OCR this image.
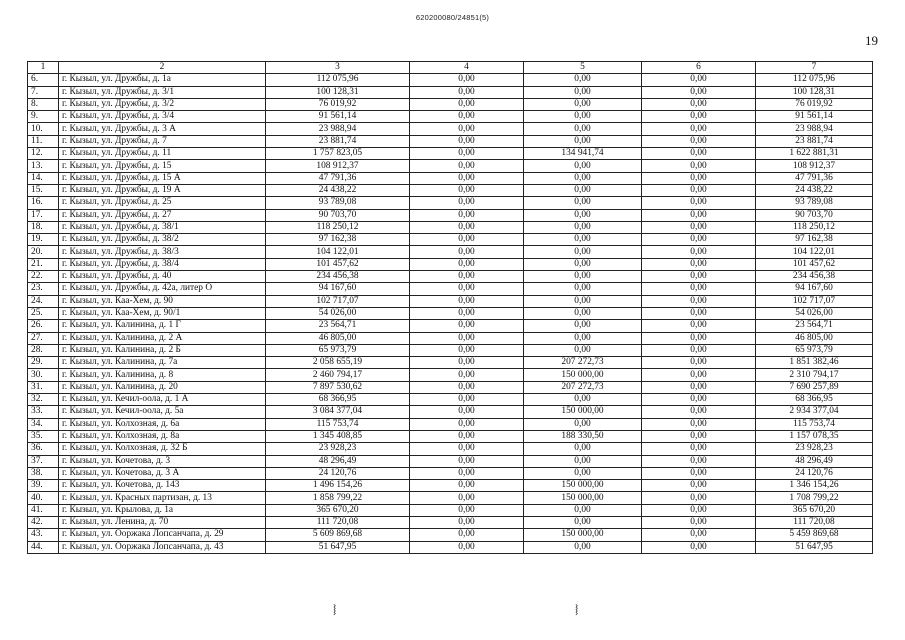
620200080/24851(5)
19
1	2	3	4	5	6	7
6.	г. Кызыл, ул. Дружбы, д. 1а	112 075,96	0,00	0,00	0,00	112 075,96
7.	г. Кызыл, ул. Дружбы, д. 3/1	100 128,31	0,00	0,00	0,00	100 128,31
8.	г. Кызыл, ул. Дружбы, д. 3/2	76 019,92	0,00	0,00	0,00	76 019,92
9.	г. Кызыл, ул. Дружбы, д. 3/4	91 561,14	0,00	0,00	0,00	91 561,14
10.	г. Кызыл, ул. Дружбы, д. 3 А	23 988,94	0,00	0,00	0,00	23 988,94
11.	г. Кызыл, ул. Дружбы, д. 7	23 881,74	0,00	0,00	0,00	23 881,74
12.	г. Кызыл, ул. Дружбы, д. 11	1 757 823,05	0,00	134 941,74	0,00	1 622 881,31
13.	г. Кызыл, ул. Дружбы, д. 15	108 912,37	0,00	0,00	0,00	108 912,37
14.	г. Кызыл, ул. Дружбы, д. 15 А	47 791,36	0,00	0,00	0,00	47 791,36
15.	г. Кызыл, ул. Дружбы, д. 19 А	24 438,22	0,00	0,00	0,00	24 438,22
16.	г. Кызыл, ул. Дружбы, д. 25	93 789,08	0,00	0,00	0,00	93 789,08
17.	г. Кызыл, ул. Дружбы, д. 27	90 703,70	0,00	0,00	0,00	90 703,70
18.	г. Кызыл, ул. Дружбы, д. 38/1	118 250,12	0,00	0,00	0,00	118 250,12
19.	г. Кызыл, ул. Дружбы, д. 38/2	97 162,38	0,00	0,00	0,00	97 162,38
20.	г. Кызыл, ул. Дружбы, д. 38/3	104 122,01	0,00	0,00	0,00	104 122,01
21.	г. Кызыл, ул. Дружбы, д. 38/4	101 457,62	0,00	0,00	0,00	101 457,62
22.	г. Кызыл, ул. Дружбы, д. 40	234 456,38	0,00	0,00	0,00	234 456,38
23.	г. Кызыл, ул. Дружбы, д. 42а, литер О	94 167,60	0,00	0,00	0,00	94 167,60
24.	г. Кызыл, ул. Каа-Хем, д. 90	102 717,07	0,00	0,00	0,00	102 717,07
25.	г. Кызыл, ул. Каа-Хем, д. 90/1	54 026,00	0,00	0,00	0,00	54 026,00
26.	г. Кызыл, ул. Калинина, д. 1 Г	23 564,71	0,00	0,00	0,00	23 564,71
27.	г. Кызыл, ул. Калинина, д. 2 А	46 805,00	0,00	0,00	0,00	46 805,00
28.	г. Кызыл, ул. Калинина, д. 2 Б	65 973,79	0,00	0,00	0,00	65 973,79
29.	г. Кызыл, ул. Калинина, д. 7а	2 058 655,19	0,00	207 272,73	0,00	1 851 382,46
30.	г. Кызыл, ул. Калинина, д. 8	2 460 794,17	0,00	150 000,00	0,00	2 310 794,17
31.	г. Кызыл, ул. Калинина, д. 20	7 897 530,62	0,00	207 272,73	0,00	7 690 257,89
32.	г. Кызыл, ул. Кечил-оола, д. 1 А	68 366,95	0,00	0,00	0,00	68 366,95
33.	г. Кызыл, ул. Кечил-оола, д. 5а	3 084 377,04	0,00	150 000,00	0,00	2 934 377,04
34.	г. Кызыл, ул. Колхозная, д. 6а	115 753,74	0,00	0,00	0,00	115 753,74
35.	г. Кызыл, ул. Колхозная, д. 8а	1 345 408,85	0,00	188 330,50	0,00	1 157 078,35
36.	г. Кызыл, ул. Колхозная, д. 32 Б	23 928,23	0,00	0,00	0,00	23 928,23
37.	г. Кызыл, ул. Кочетова, д. 3	48 296,49	0,00	0,00	0,00	48 296,49
38.	г. Кызыл, ул. Кочетова, д. 3 А	24 120,76	0,00	0,00	0,00	24 120,76
39.	г. Кызыл, ул. Кочетова, д. 143	1 496 154,26	0,00	150 000,00	0,00	1 346 154,26
40.	г. Кызыл, ул. Красных партизан, д. 13	1 858 799,22	0,00	150 000,00	0,00	1 708 799,22
41.	г. Кызыл, ул. Крылова, д. 1а	365 670,20	0,00	0,00	0,00	365 670,20
42.	г. Кызыл, ул. Ленина, д. 70	111 720,08	0,00	0,00	0,00	111 720,08
43.	г. Кызыл, ул. Ооржака Лопсанчапа, д. 29	5 609 869,68	0,00	150 000,00	0,00	5 459 869,68
44.	г. Кызыл, ул. Ооржака Лопсанчапа, д. 43	51 647,95	0,00	0,00	0,00	51 647,95
⧘	⧘
